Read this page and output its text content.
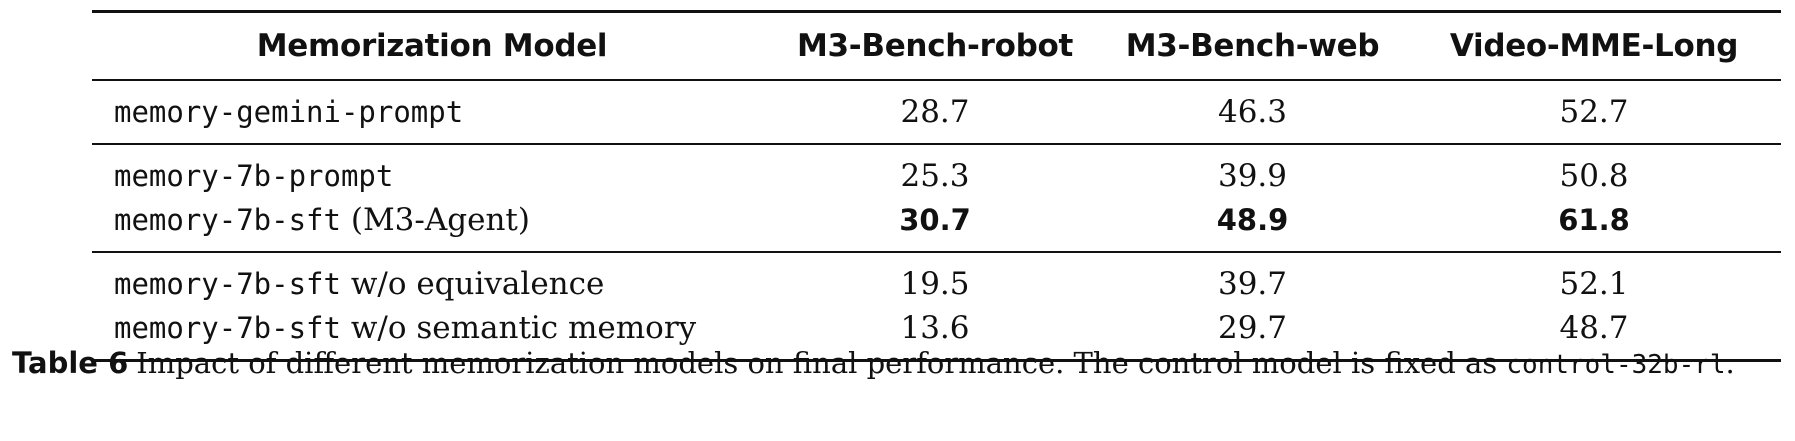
Memorization Model	M3-Bench-robot	M3-Bench-web	Video-MME-Long
memory-gemini-prompt	28.7	46.3	52.7
memory-7b-prompt	25.3	39.9	50.8
memory-7b-sft (M3-Agent)	30.7	48.9	61.8
memory-7b-sft w/o equivalence	19.5	39.7	52.1
memory-7b-sft w/o semantic memory	13.6	29.7	48.7
Table 6 Impact of different memorization models on final performance. The control model is fixed as control-32b-rl.
